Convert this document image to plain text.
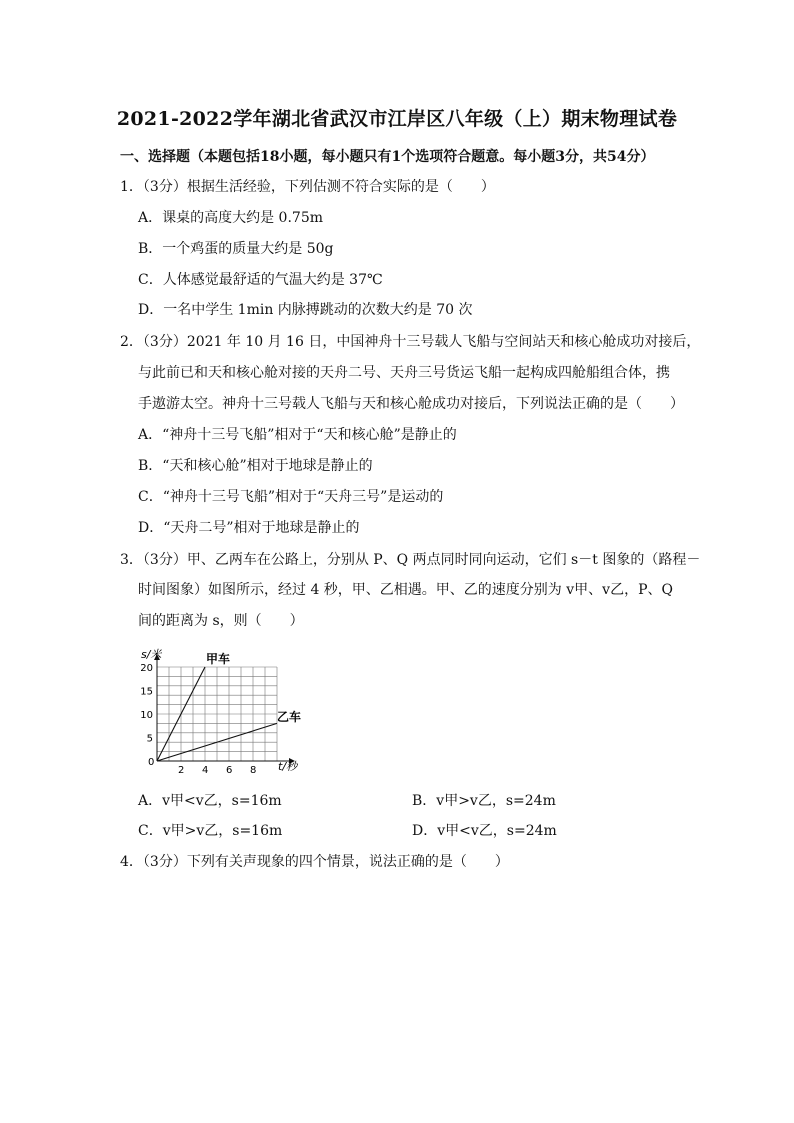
2021-2022学年湖北省武汉市江岸区八年级（上）期末物理试卷
一、选择题（本题包括18小题，每小题只有1个选项符合题意。每小题3分，共54分）
1．（3分）根据生活经验，下列估测不符合实际的是（　　）
A．课桌的高度大约是 0.75m
B．一个鸡蛋的质量大约是 50g
C．人体感觉最舒适的气温大约是 37℃
D．一名中学生 1min 内脉搏跳动的次数大约是 70 次
2．（3分）2021 年 10 月 16 日，中国神舟十三号载人飞船与空间站天和核心舱成功对接后，
与此前已和天和核心舱对接的天舟二号、天舟三号货运飞船一起构成四舱船组合体，携
手遨游太空。神舟十三号载人飞船与天和核心舱成功对接后，下列说法正确的是（　　）
A．“神舟十三号飞船”相对于“天和核心舱”是静止的
B．“天和核心舱”相对于地球是静止的
C．“神舟十三号飞船”相对于“天舟三号”是运动的
D．“天舟二号”相对于地球是静止的
3．（3分）甲、乙两车在公路上，分别从 P、Q 两点同时同向运动，它们 s－t 图象的（路程－
时间图象）如图所示，经过 4 秒，甲、乙相遇。甲、乙的速度分别为 v甲、v乙，P、Q
间的距离为 s，则（　　）
0
2 4 6 8
5
10
15
20
s/米
t/秒
甲车
乙车
A．v甲<v乙，s=16m	B．v甲>v乙，s=24m
C．v甲>v乙，s=16m	D．v甲<v乙，s=24m
4．（3分）下列有关声现象的四个情景，说法正确的是（　　）
